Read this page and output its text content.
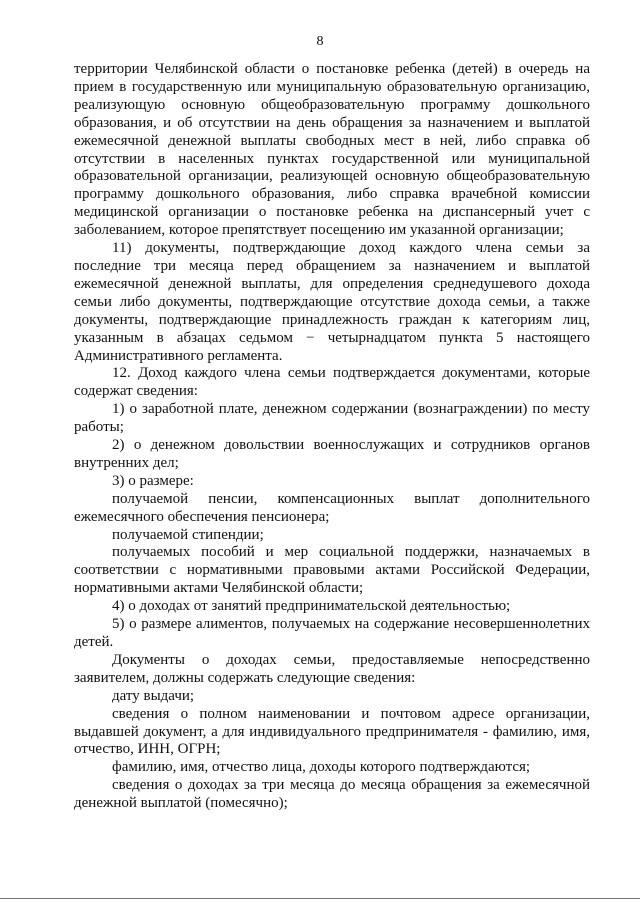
8

территории Челябинской области о постановке ребенка (детей) в очередь на прием в государственную или муниципальную образовательную организацию, реализующую основную общеобразовательную программу дошкольного образования, и об отсутствии на день обращения за назначением и выплатой ежемесячной денежной выплаты свободных мест в ней, либо справка об отсутствии в населенных пунктах государственной или муниципальной образовательной организации, реализующей основную общеобразовательную программу дошкольного образования, либо справка врачебной комиссии медицинской организации о постановке ребенка на диспансерный учет с заболеванием, которое препятствует посещению им указанной организации;

11) документы, подтверждающие доход каждого члена семьи за последние три месяца перед обращением за назначением и выплатой ежемесячной денежной выплаты, для определения среднедушевого дохода семьи либо документы, подтверждающие отсутствие дохода семьи, а также документы, подтверждающие принадлежность граждан к категориям лиц, указанным в абзацах седьмом − четырнадцатом пункта 5 настоящего Административного регламента.

12. Доход каждого члена семьи подтверждается документами, которые содержат сведения:

1) о заработной плате, денежном содержании (вознаграждении) по месту работы;

2) о денежном довольствии военнослужащих и сотрудников органов внутренних дел;

3) о размере:

получаемой пенсии, компенсационных выплат дополнительного ежемесячного обеспечения пенсионера;

получаемой стипендии;

получаемых пособий и мер социальной поддержки, назначаемых в соответствии с нормативными правовыми актами Российской Федерации, нормативными актами Челябинской области;

4) о доходах от занятий предпринимательской деятельностью;

5) о размере алиментов, получаемых на содержание несовершеннолетних детей.

Документы о доходах семьи, предоставляемые непосредственно заявителем, должны содержать следующие сведения:

дату выдачи;

сведения о полном наименовании и почтовом адресе организации, выдавшей документ, а для индивидуального предпринимателя - фамилию, имя, отчество, ИНН, ОГРН;

фамилию, имя, отчество лица, доходы которого подтверждаются;

сведения о доходах за три месяца до месяца обращения за ежемесячной денежной выплатой (помесячно);
